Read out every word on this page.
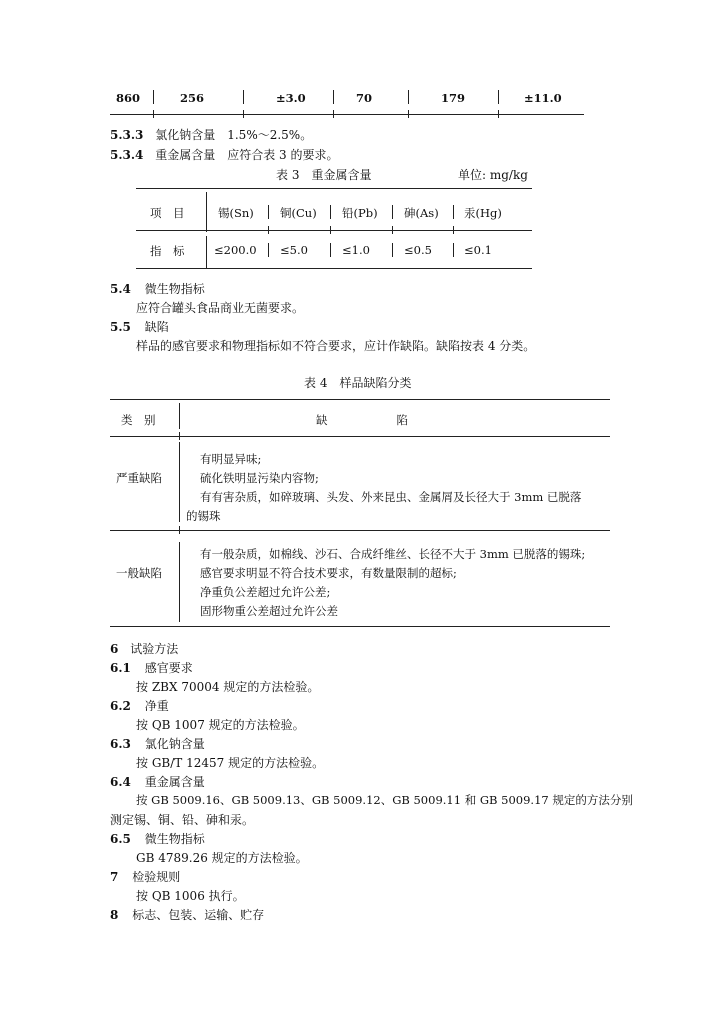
860	256	±3.0	70	179	±11.0
5.3.3 氯化钠含量　1.5%～2.5%。
5.3.4 重金属含量　应符合表 3 的要求。
表 3　重金属含量	单位: mg/kg
项　目	锡(Sn) 铜(Cu) 铅(Pb) 砷(As) 汞(Hg)
指　标	≤200.0 ≤5.0	≤1.0	≤0.5	≤0.1
5.4 微生物指标
应符合罐头食品商业无菌要求。
5.5 缺陷
样品的感官要求和物理指标如不符合要求，应计作缺陷。缺陷按表 4 分类。
表 4　样品缺陷分类
类　别	缺　　　　　　陷
严重缺陷
有明显异味;
硫化铁明显污染内容物;
有有害杂质，如碎玻璃、头发、外来昆虫、金属屑及长径大于 3mm 已脱落
的锡珠
一般缺陷
有一般杂质，如棉线、沙石、合成纤维丝、长径不大于 3mm 已脱落的锡珠;
感官要求明显不符合技术要求，有数量限制的超标;
净重负公差超过允许公差;
固形物重公差超过允许公差
6 试验方法
6.1 感官要求
按 ZBX 70004 规定的方法检验。
6.2 净重
按 QB 1007 规定的方法检验。
6.3 氯化钠含量
按 GB/T 12457 规定的方法检验。
6.4 重金属含量
按 GB 5009.16、GB 5009.13、GB 5009.12、GB 5009.11 和 GB 5009.17 规定的方法分别
测定锡、铜、铅、砷和汞。
6.5 微生物指标
GB 4789.26 规定的方法检验。
7 检验规则
按 QB 1006 执行。
8 标志、包装、运输、贮存
